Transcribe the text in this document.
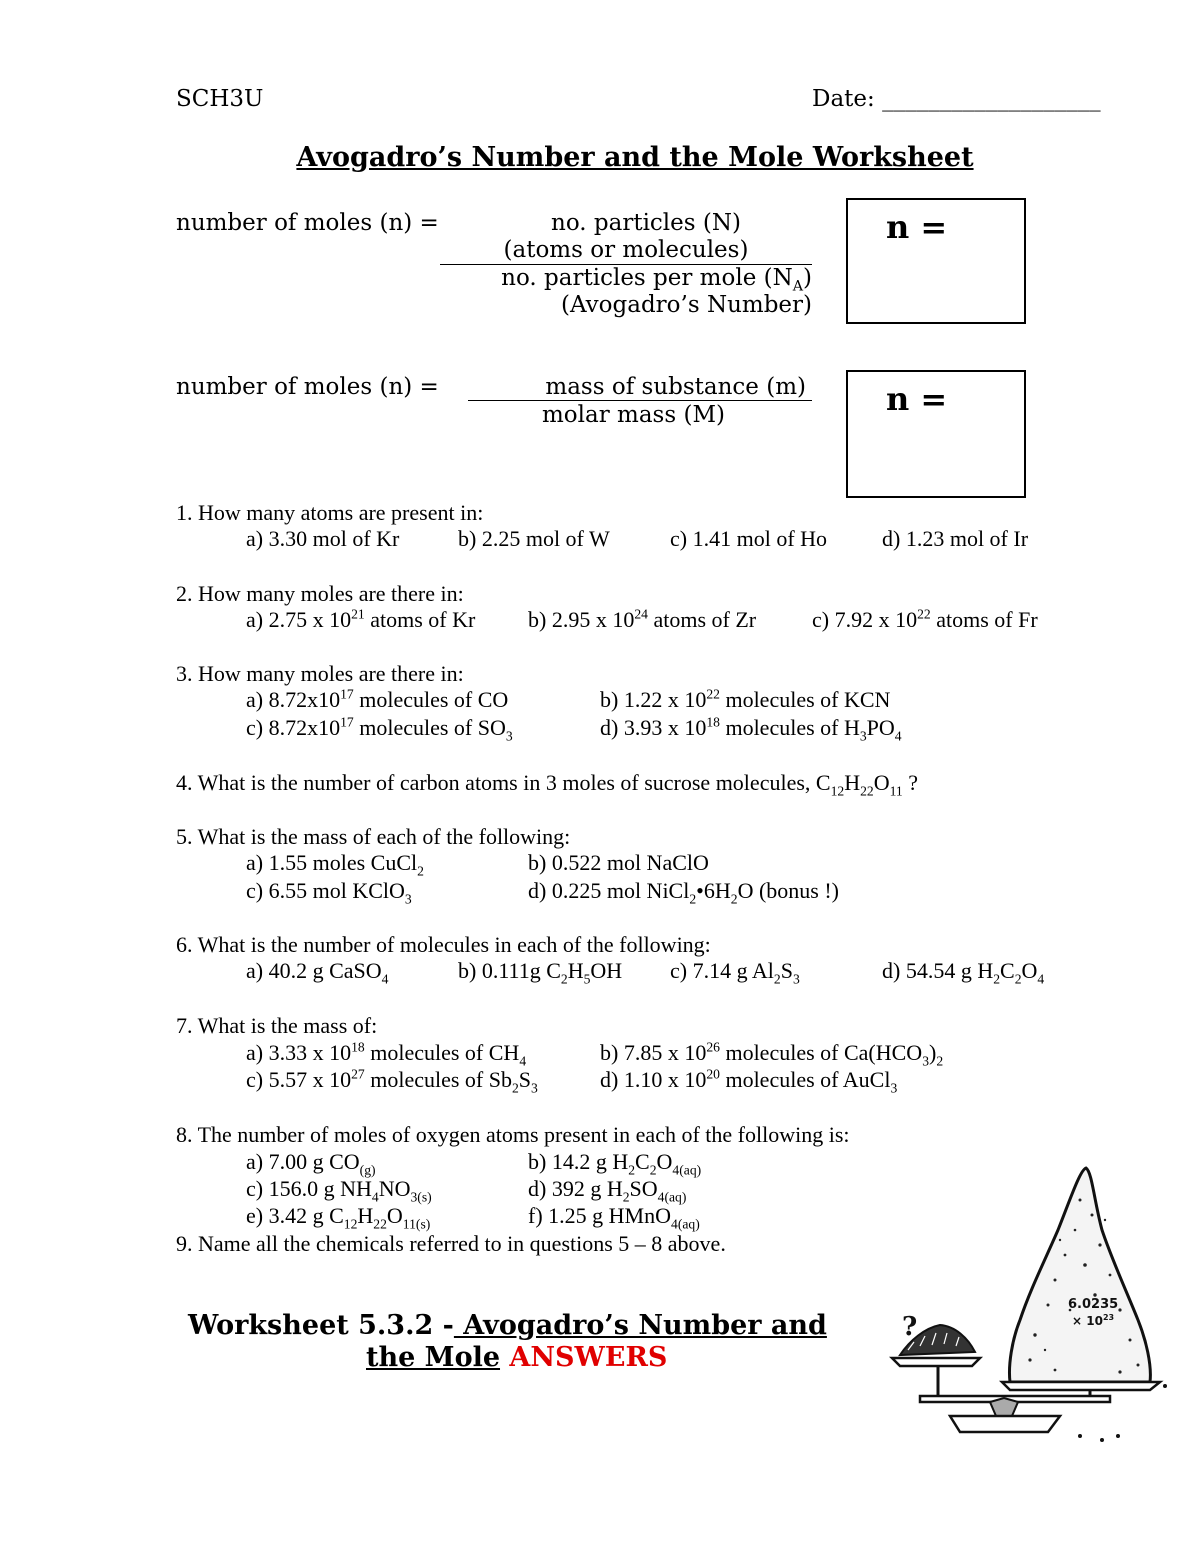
SCH3U	Date: ___________________
Avogadro’s Number and the Mole Worksheet
number of moles (n) =	no. particles (N)
(atoms or molecules)
no. particles per mole $(N_A)$
(Avogadro’s Number)
n =
number of moles (n) =	mass of substance (m)
molar mass (M)	n =
1. How many atoms are present in:
a) 3.30 mol of Kr	b) 2.25 mol of W	c) 1.41 mol of Ho d) 1.23 mol of Ir
2. How many moles are there in:
a) 2.75 x $10^{21}$ atoms of Kr b) 2.95 x $10^{24}$ atoms of Zr	c) 7.92 x $10^{22}$ atoms of Fr
3. How many moles are there in:
a) $8.72x10^{17}$ molecules of CO	b) 1.22 x $10^{22}$ molecules of KCN
c) $8.72x10^{17}$ molecules of $SO_3$	d) 3.93 x $10^{18}$ molecules of $H_3PO_4$
4. What is the number of carbon atoms in 3 moles of sucrose molecules, $C_{12}H_{22}O_{11}$ ?
5. What is the mass of each of the following:
a) 1.55 moles CuCl$_2$	b) 0.522 mol NaClO
c) 6.55 mol KClO$_3$	d) 0.225 mol $NiCl_2•6H_2O$ (bonus !)
6. What is the number of molecules in each of the following:
a) 40.2 g CaSO$_4$	b) 0.111g $C_2H_5OH$ c) 7.14 g $Al_2S_3$	d) 54.54 g $H_2C_2O_4$
7. What is the mass of:
a) 3.33 x $10^{18}$ molecules of $CH_4$	b) 7.85 x $10^{26}$ molecules of $Ca(HCO_3)_2$
c) 5.57 x $10^{27}$ molecules of $Sb_2S_3$	d) 1.10 x $10^{20}$ molecules of AuCl$_3$
8. The number of moles of oxygen atoms present in each of the following is:
a) 7.00 g $CO_{(g)}$	b) 14.2 g $H_2C_2O_{4(aq)}$
c) 156.0 g $NH_4NO_{3(s)}$	d) 392 g $H_2SO_{4(aq)}$
e) 3.42 g $C_{12}H_{22}O_{11(s)}$	f) 1.25 g HMnO$_{4(aq)}$
9. Name all the chemicals referred to in questions 5 – 8 above.
Worksheet 5.3.2 - Avogadro’s Number and
the Mole ANSWERS
6.0235
× $10^{23}$
?
